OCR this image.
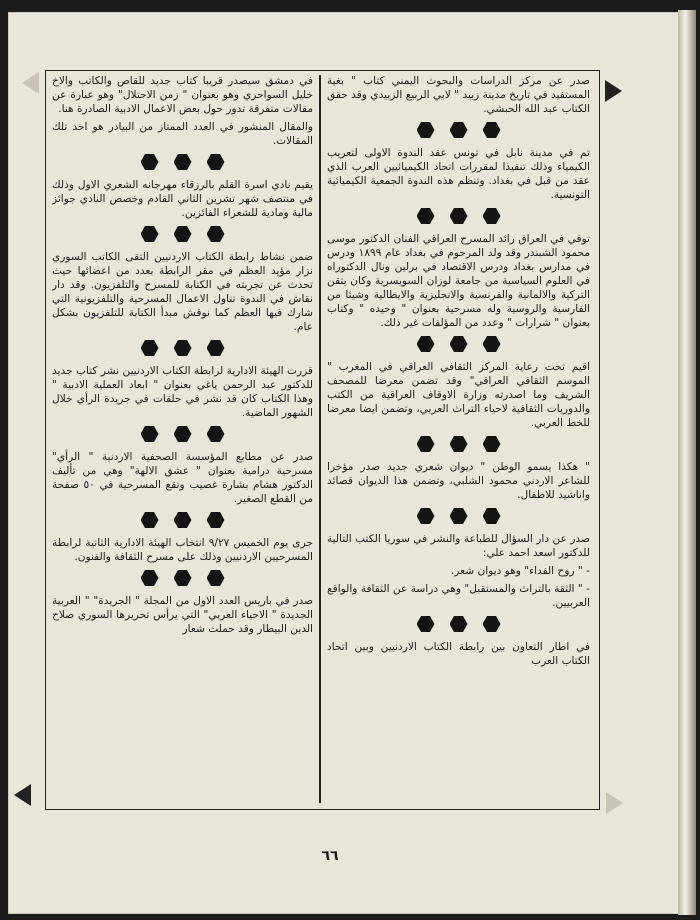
صدر عن مركز الدراسات والبحوث اليمني كتاب " بغية المستفيد في تاريخ مدينة زبيد " لابي الربيع الزبيدي وقد حقق الكتاب عبد الله الحبشي.

تم في مدينة نابل في تونس عقد الندوة الاولى لتعريب الكيمياء وذلك تنفيذا لمقررات اتحاد الكيميائيين العرب الذي عقد من قبل في بغداد. وتنظم هذه الندوة الجمعية الكيميائية التونسية.

توفي في العراق رائد المسرح العراقي الفنان الدكتور موسى محمود الشبندر وقد ولد المرحوم في بغداد عام ١٨٩٩ ودرس في مدارس بغداد ودرس الاقتصاد في برلين ونال الدكتوراه في العلوم السياسية من جامعة لوزان السويسرية وكان يتقن التركية والالمانية والفرنسية والانجليزية والايطالية وشيئا من الفارسية والروسية وله مسرحية بعنوان " وحيده " وكتاب بعنوان " شرارات " وعدد من المؤلفات غير ذلك.

اقيم تحت رعاية المركز الثقافي العراقي في المغرب " الموسم الثقافي العراقي" وقد تضمن معرضا للمصحف الشريف وما اصدرته وزارة الاوقاف العراقية من الكتب والدوريات الثقافية لاحياء التراث العربي، وتضمن ايضا معرضا للخط العربي.

" هكذا يسمو الوطن " ديوان شعري جديد صدر مؤخرا للشاعر الاردني محمود الشلبي، وتضمن هذا الديوان قصائد واناشيد للاطفال.

صدر عن دار السؤال للطباعة والنشر في سوريا الكتب التالية للدكتور اسعد احمد علي:

- " روح الفداء" وهو ديوان شعر.

- " الثقة بالتراث والمستقبل" وهي دراسة عن الثقافة والواقع العربيين.

في اطار التعاون بين رابطة الكتاب الاردنيين وبين اتحاد الكتاب العرب

في دمشق سيصدر قريبا كتاب جديد للقاص والكاتب والاخ خليل السواحري وهو بعنوان " زمن الاحتلال" وهو عبارة عن مقالات متفرقة تدور حول بعض الاعمال الادبية الصادرة هنا.

والمقال المنشور في العدد الممتاز من البيادر هو احد تلك المقالات.

يقيم نادي اسرة القلم بالرزقاء مهرجانه الشعري الاول وذلك في منتصف شهر تشرين الثاني القادم وخصص النادي جوائز مالية ومادية للشعراء الفائزين.

ضمن نشاط رابطة الكتاب الاردنيين التقى الكاتب السوري نزار مؤيد العظم في مقر الرابطة بعدد من اعضائها حيث تحدث عن تجربته في الكتابة للمسرح والتلفزيون. وقد دار نقاش في الندوة تناول الاعمال المسرحية والتلفزيونية التي شارك فيها العظم كما نوقش مبدأ الكتابة للتلفزيون بشكل عام.

قررت الهيئة الادارية لرابطة الكتاب الاردنيين نشر كتاب جديد للدكتور عبد الرحمن ياغي بعنوان " ابعاد العملية الادبية " وهذا الكتاب كان قد نشر في حلقات في جريدة الرأي خلال الشهور الماضية.

صدر عن مطابع المؤسسة الصحفية الاردنية " الرأي" مسرحية درامية بعنوان " عشق الالهة" وهي من تأليف الدكتور هشام بشارة غصيب وتقع المسرحية في ٥٠ صفحة من القطع الصغير.

جرى يوم الخميس ٩/٢٧ انتخاب الهيئة الادارية الثانية لرابطة المسرحيين الاردنيين وذلك على مسرح الثقافة والفنون.

صدر في باريس العدد الاول من المجلة " الجريدة" " العربية الجديدة " الاحياء العربي" التي يرأس تحريرها السوري صلاح الدين البيطار وقد حملت شعار

٦٦
